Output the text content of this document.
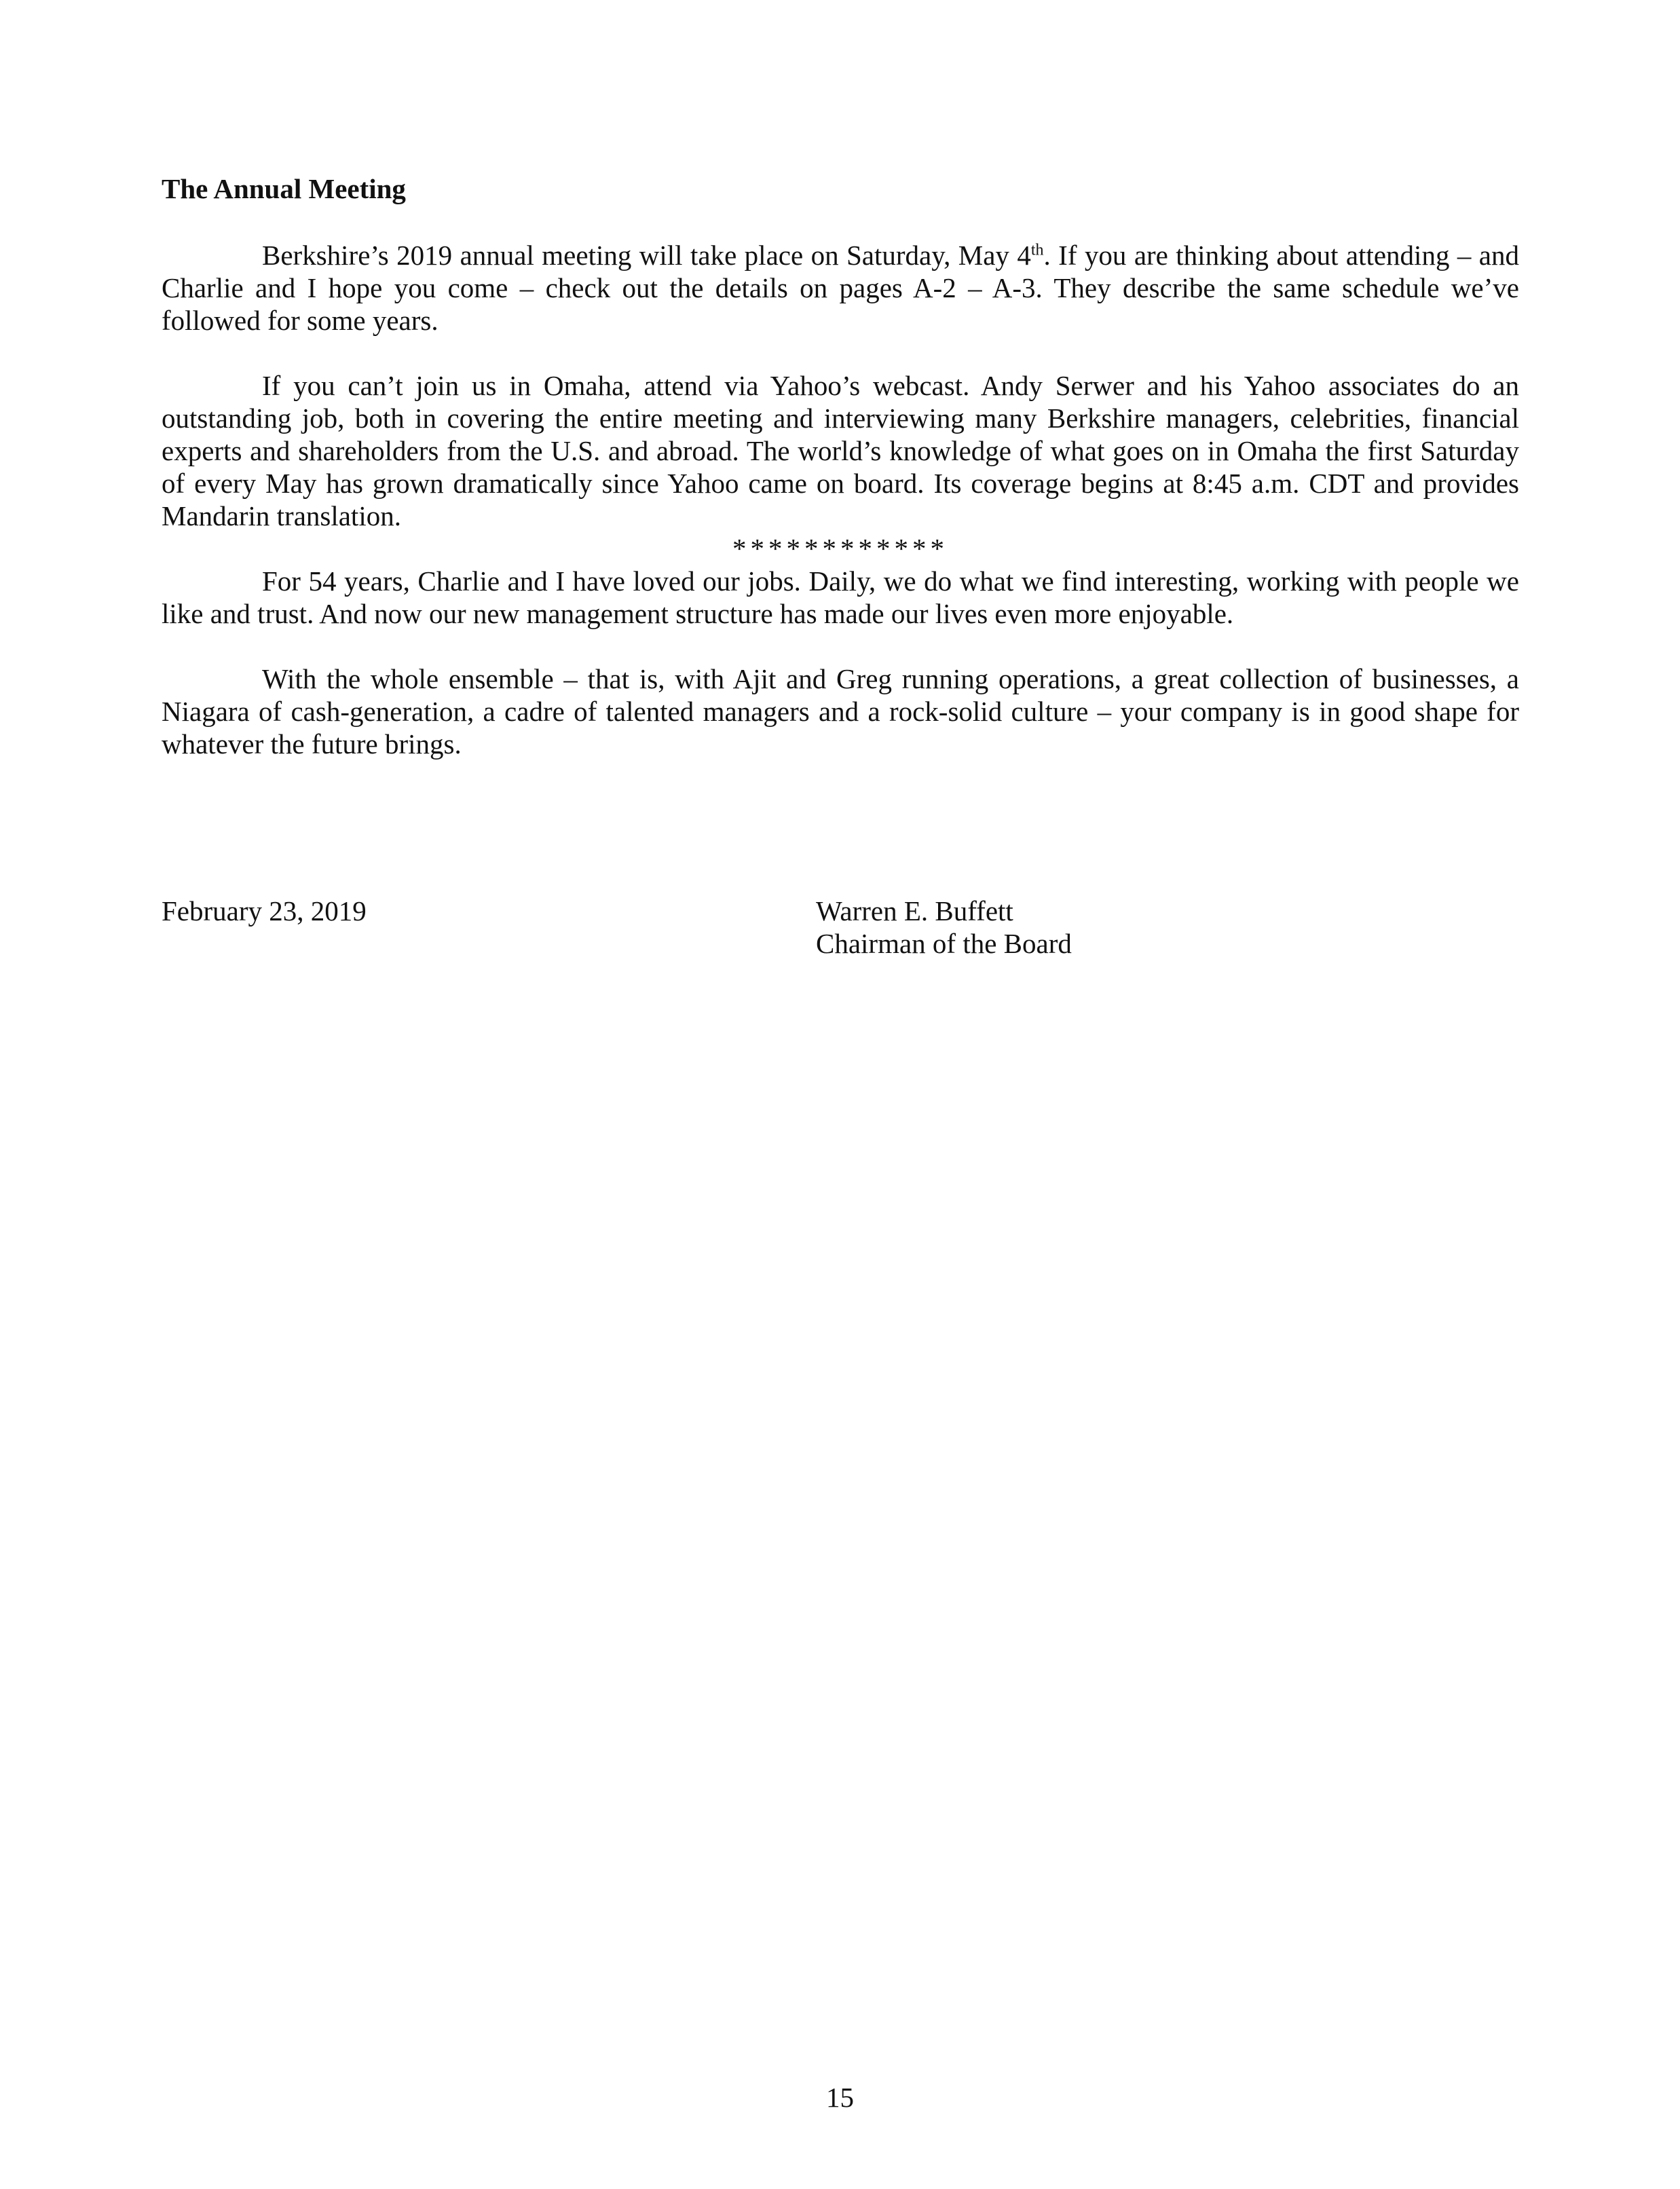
The Annual Meeting

Berkshire’s 2019 annual meeting will take place on Saturday, May 4th. If you are thinking about attending – and Charlie and I hope you come – check out the details on pages A-2 – A-3. They describe the same schedule we’ve followed for some years.

If you can’t join us in Omaha, attend via Yahoo’s webcast. Andy Serwer and his Yahoo associates do an outstanding job, both in covering the entire meeting and interviewing many Berkshire managers, celebrities, financial experts and shareholders from the U.S. and abroad. The world’s knowledge of what goes on in Omaha the first Saturday of every May has grown dramatically since Yahoo came on board. Its coverage begins at 8:45 a.m. CDT and provides Mandarin translation.

************

For 54 years, Charlie and I have loved our jobs. Daily, we do what we find interesting, working with people we like and trust. And now our new management structure has made our lives even more enjoyable.

With the whole ensemble – that is, with Ajit and Greg running operations, a great collection of businesses, a Niagara of cash-generation, a cadre of talented managers and a rock-solid culture – your company is in good shape for whatever the future brings.

February 23, 2019	Warren E. Buffett
Chairman of the Board
15
